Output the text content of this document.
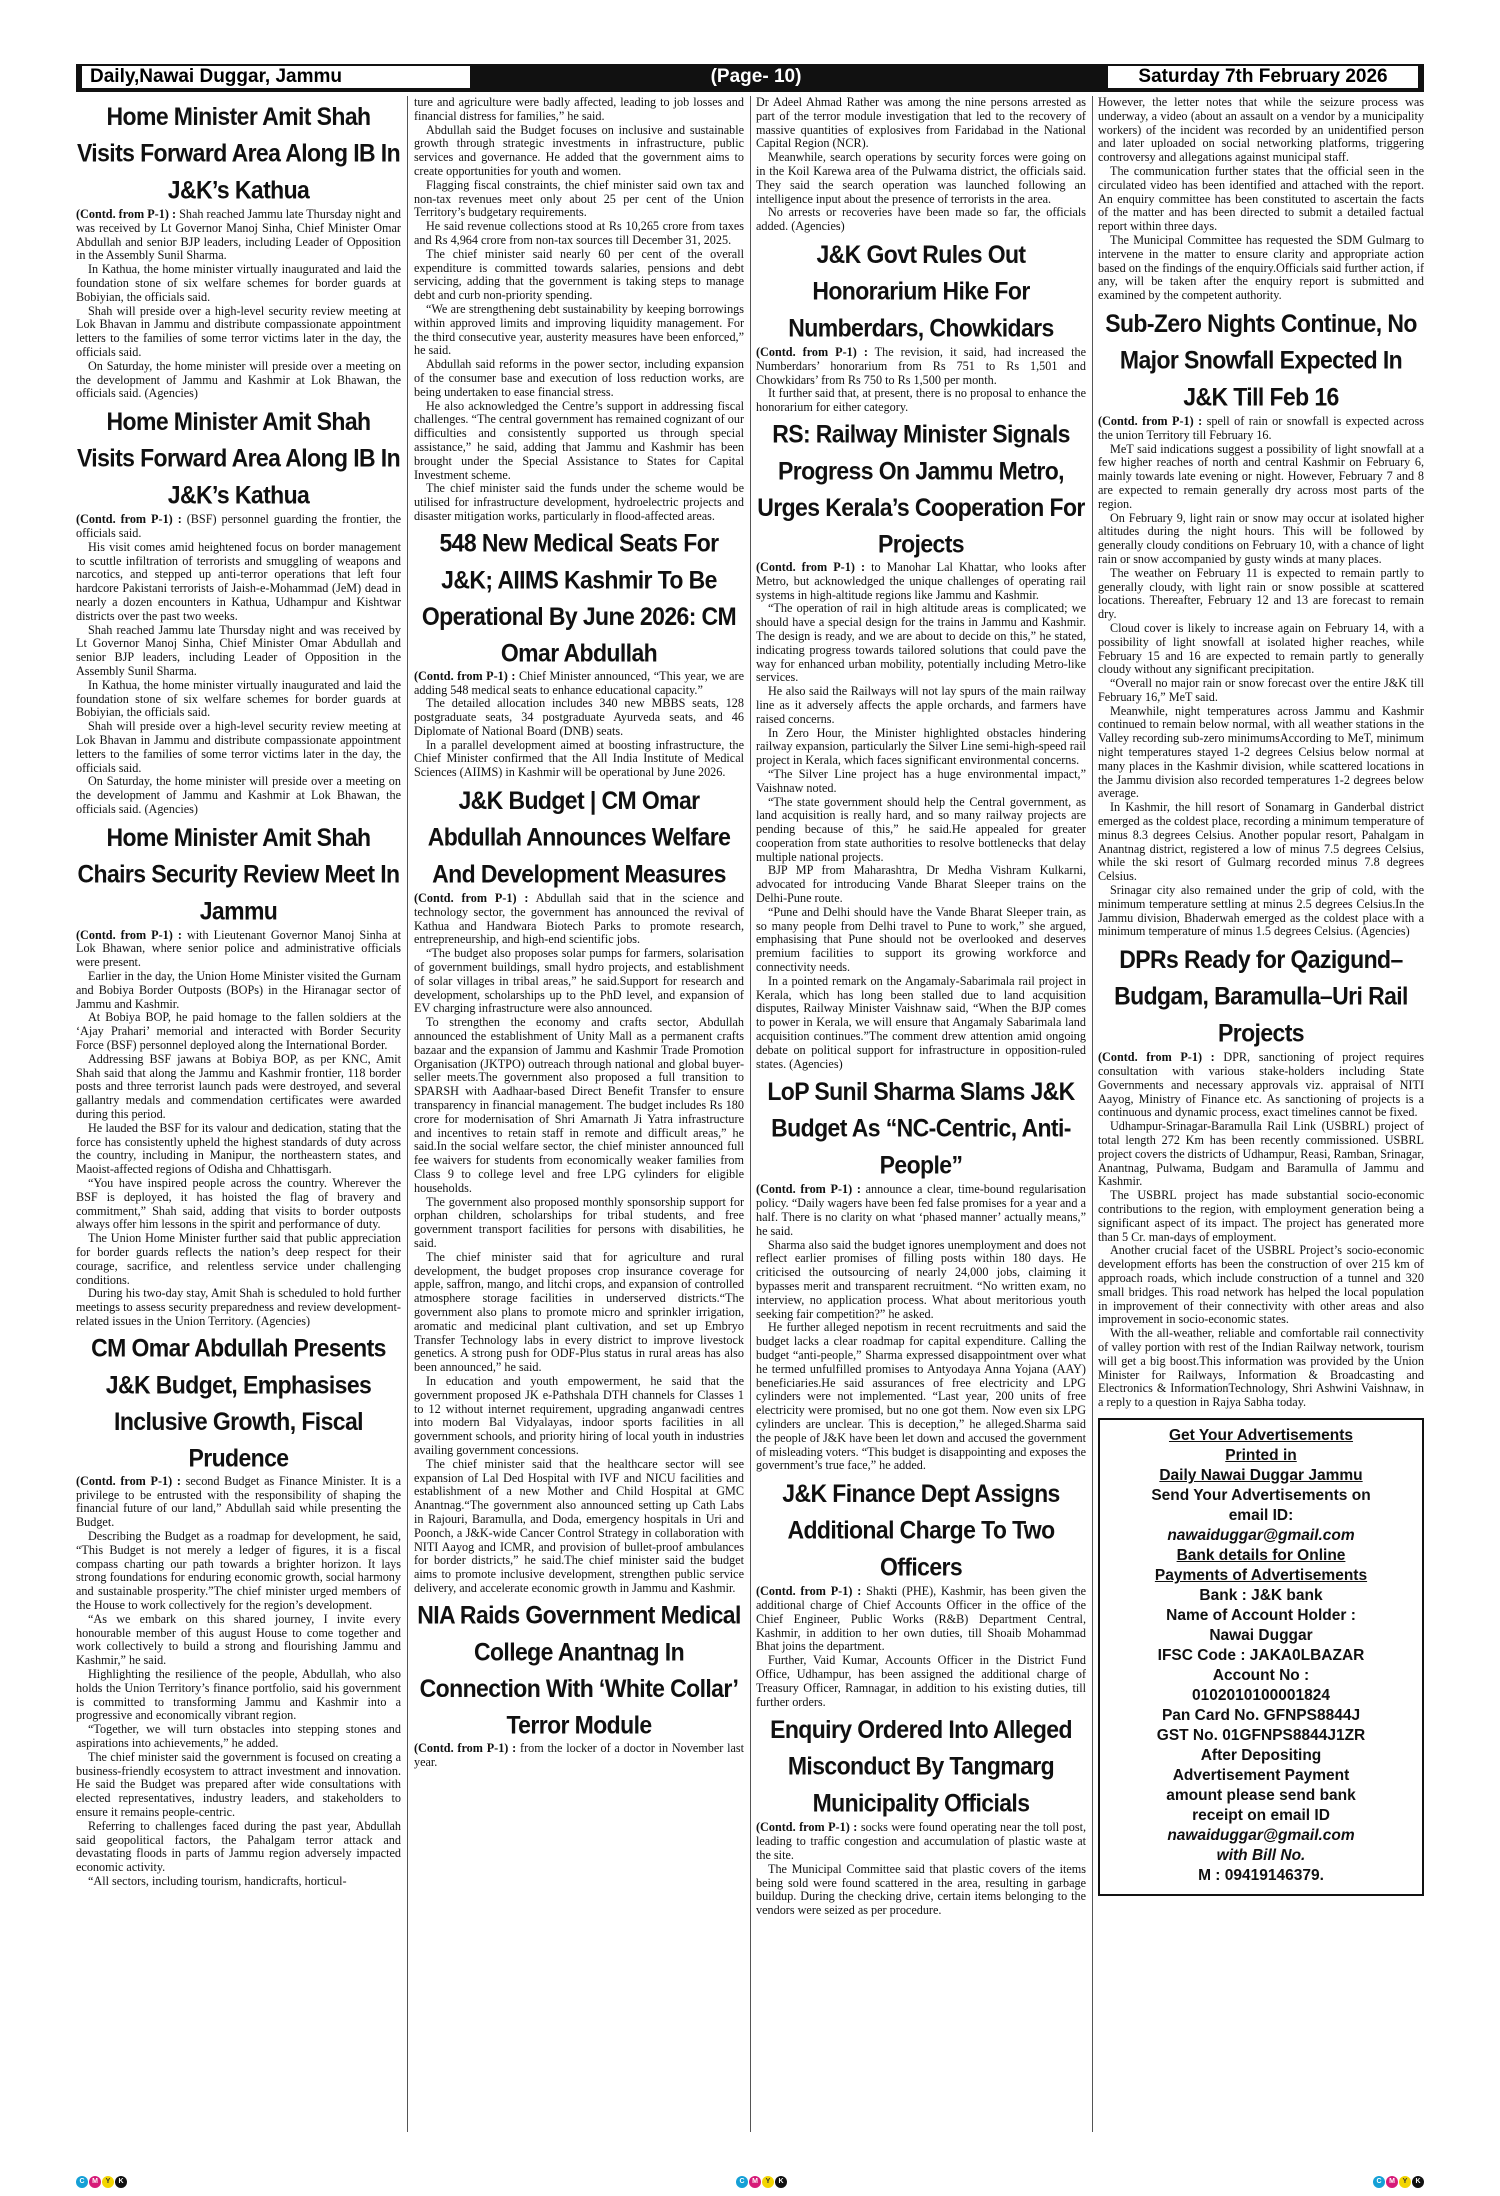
Daily,Nawai Duggar, Jammu	(Page- 10)	Saturday 7th February 2026
Home Minister Amit Shah Visits Forward Area Along IB In J&K’s Kathua

(Contd. from P-1) : Shah reached Jammu late Thursday night and was received by Lt Governor Manoj Sinha, Chief Minister Omar Abdullah and senior BJP leaders, including Leader of Opposition in the Assembly Sunil Sharma.

In Kathua, the home minister virtually inaugurated and laid the foundation stone of six welfare schemes for border guards at Bobiyian, the officials said.

Shah will preside over a high-level security review meeting at Lok Bhavan in Jammu and distribute compassionate appointment letters to the families of some terror victims later in the day, the officials said.

On Saturday, the home minister will preside over a meeting on the development of Jammu and Kashmir at Lok Bhawan, the officials said. (Agencies)

Home Minister Amit Shah Visits Forward Area Along IB In J&K’s Kathua

(Contd. from P-1) : (BSF) personnel guarding the frontier, the officials said.

His visit comes amid heightened focus on border management to scuttle infiltration of terrorists and smuggling of weapons and narcotics, and stepped up anti-terror operations that left four hardcore Pakistani terrorists of Jaish-e-Mohammad (JeM) dead in nearly a dozen encounters in Kathua, Udhampur and Kishtwar districts over the past two weeks.

Shah reached Jammu late Thursday night and was received by Lt Governor Manoj Sinha, Chief Minister Omar Abdullah and senior BJP leaders, including Leader of Opposition in the Assembly Sunil Sharma.

In Kathua, the home minister virtually inaugurated and laid the foundation stone of six welfare schemes for border guards at Bobiyian, the officials said.

Shah will preside over a high-level security review meeting at Lok Bhavan in Jammu and distribute compassionate appointment letters to the families of some terror victims later in the day, the officials said.

On Saturday, the home minister will preside over a meeting on the development of Jammu and Kashmir at Lok Bhawan, the officials said. (Agencies)

Home Minister Amit Shah Chairs Security Review Meet In Jammu

(Contd. from P-1) : with Lieutenant Governor Manoj Sinha at Lok Bhawan, where senior police and administrative officials were present.

Earlier in the day, the Union Home Minister visited the Gurnam and Bobiya Border Outposts (BOPs) in the Hiranagar sector of Jammu and Kashmir.

At Bobiya BOP, he paid homage to the fallen soldiers at the ‘Ajay Prahari’ memorial and interacted with Border Security Force (BSF) personnel deployed along the International Border.

Addressing BSF jawans at Bobiya BOP, as per KNC, Amit Shah said that along the Jammu and Kashmir frontier, 118 border posts and three terrorist launch pads were destroyed, and several gallantry medals and commendation certificates were awarded during this period.

He lauded the BSF for its valour and dedication, stating that the force has consistently upheld the highest standards of duty across the country, including in Manipur, the northeastern states, and Maoist-affected regions of Odisha and Chhattisgarh.

“You have inspired people across the country. Wherever the BSF is deployed, it has hoisted the flag of bravery and commitment,” Shah said, adding that visits to border outposts always offer him lessons in the spirit and performance of duty.

The Union Home Minister further said that public appreciation for border guards reflects the nation’s deep respect for their courage, sacrifice, and relentless service under challenging conditions.

During his two-day stay, Amit Shah is scheduled to hold further meetings to assess security preparedness and review development-related issues in the Union Territory. (Agencies)

CM Omar Abdullah Presents J&K Budget, Emphasises Inclusive Growth, Fiscal Prudence

(Contd. from P-1) : second Budget as Finance Minister. It is a privilege to be entrusted with the responsibility of shaping the financial future of our land,” Abdullah said while presenting the Budget.

Describing the Budget as a roadmap for development, he said, “This Budget is not merely a ledger of figures, it is a fiscal compass charting our path towards a brighter horizon. It lays strong foundations for enduring economic growth, social harmony and sustainable prosperity.”The chief minister urged members of the House to work collectively for the region’s development.

“As we embark on this shared journey, I invite every honourable member of this august House to come together and work collectively to build a strong and flourishing Jammu and Kashmir,” he said.

Highlighting the resilience of the people, Abdullah, who also holds the Union Territory’s finance portfolio, said his government is committed to transforming Jammu and Kashmir into a progressive and economically vibrant region.

“Together, we will turn obstacles into stepping stones and aspirations into achievements,” he added.

The chief minister said the government is focused on creating a business-friendly ecosystem to attract investment and innovation. He said the Budget was prepared after wide consultations with elected representatives, industry leaders, and stakeholders to ensure it remains people-centric.

Referring to challenges faced during the past year, Abdullah said geopolitical factors, the Pahalgam terror attack and devastating floods in parts of Jammu region adversely impacted economic activity.

“All sectors, including tourism, handicrafts, horticul-

ture and agriculture were badly affected, leading to job losses and financial distress for families,” he said.

Abdullah said the Budget focuses on inclusive and sustainable growth through strategic investments in infrastructure, public services and governance. He added that the government aims to create opportunities for youth and women.

Flagging fiscal constraints, the chief minister said own tax and non-tax revenues meet only about 25 per cent of the Union Territory’s budgetary requirements.

He said revenue collections stood at Rs 10,265 crore from taxes and Rs 4,964 crore from non-tax sources till December 31, 2025.

The chief minister said nearly 60 per cent of the overall expenditure is committed towards salaries, pensions and debt servicing, adding that the government is taking steps to manage debt and curb non-priority spending.

“We are strengthening debt sustainability by keeping borrowings within approved limits and improving liquidity management. For the third consecutive year, austerity measures have been enforced,” he said.

Abdullah said reforms in the power sector, including expansion of the consumer base and execution of loss reduction works, are being undertaken to ease financial stress.

He also acknowledged the Centre’s support in addressing fiscal challenges. “The central government has remained cognizant of our difficulties and consistently supported us through special assistance,” he said, adding that Jammu and Kashmir has been brought under the Special Assistance to States for Capital Investment scheme.

The chief minister said the funds under the scheme would be utilised for infrastructure development, hydroelectric projects and disaster mitigation works, particularly in flood-affected areas.

548 New Medical Seats For J&K; AIIMS Kashmir To Be Operational By June 2026: CM Omar Abdullah

(Contd. from P-1) : Chief Minister announced, “This year, we are adding 548 medical seats to enhance educational capacity.”

The detailed allocation includes 340 new MBBS seats, 128 postgraduate seats, 34 postgraduate Ayurveda seats, and 46 Diplomate of National Board (DNB) seats.

In a parallel development aimed at boosting infrastructure, the Chief Minister confirmed that the All India Institute of Medical Sciences (AIIMS) in Kashmir will be operational by June 2026.

J&K Budget | CM Omar Abdullah Announces Welfare And Development Measures

(Contd. from P-1) : Abdullah said that in the science and technology sector, the government has announced the revival of Kathua and Handwara Biotech Parks to promote research, entrepreneurship, and high-end scientific jobs.

“The budget also proposes solar pumps for farmers, solarisation of government buildings, small hydro projects, and establishment of solar villages in tribal areas,” he said.Support for research and development, scholarships up to the PhD level, and expansion of EV charging infrastructure were also announced.

To strengthen the economy and crafts sector, Abdullah announced the establishment of Unity Mall as a permanent crafts bazaar and the expansion of Jammu and Kashmir Trade Promotion Organisation (JKTPO) outreach through national and global buyer-seller meets.The government also proposed a full transition to SPARSH with Aadhaar-based Direct Benefit Transfer to ensure transparency in financial management. The budget includes Rs 180 crore for modernisation of Shri Amarnath Ji Yatra infrastructure and incentives to retain staff in remote and difficult areas,” he said.In the social welfare sector, the chief minister announced full fee waivers for students from economically weaker families from Class 9 to college level and free LPG cylinders for eligible households.

The government also proposed monthly sponsorship support for orphan children, scholarships for tribal students, and free government transport facilities for persons with disabilities, he said.

The chief minister said that for agriculture and rural development, the budget proposes crop insurance coverage for apple, saffron, mango, and litchi crops, and expansion of controlled atmosphere storage facilities in underserved districts.“The government also plans to promote micro and sprinkler irrigation, aromatic and medicinal plant cultivation, and set up Embryo Transfer Technology labs in every district to improve livestock genetics. A strong push for ODF-Plus status in rural areas has also been announced,” he said.

In education and youth empowerment, he said that the government proposed JK e-Pathshala DTH channels for Classes 1 to 12 without internet requirement, upgrading anganwadi centres into modern Bal Vidyalayas, indoor sports facilities in all government schools, and priority hiring of local youth in industries availing government concessions.

The chief minister said that the healthcare sector will see expansion of Lal Ded Hospital with IVF and NICU facilities and establishment of a new Mother and Child Hospital at GMC Anantnag.“The government also announced setting up Cath Labs in Rajouri, Baramulla, and Doda, emergency hospitals in Uri and Poonch, a J&K-wide Cancer Control Strategy in collaboration with NITI Aayog and ICMR, and provision of bullet-proof ambulances for border districts,” he said.The chief minister said the budget aims to promote inclusive development, strengthen public service delivery, and accelerate economic growth in Jammu and Kashmir.

NIA Raids Government Medical College Anantnag In Connection With ‘White Collar’ Terror Module

(Contd. from P-1) : from the locker of a doctor in November last year.

Dr Adeel Ahmad Rather was among the nine persons arrested as part of the terror module investigation that led to the recovery of massive quantities of explosives from Faridabad in the National Capital Region (NCR).

Meanwhile, search operations by security forces were going on in the Koil Karewa area of the Pulwama district, the officials said. They said the search operation was launched following an intelligence input about the presence of terrorists in the area.

No arrests or recoveries have been made so far, the officials added. (Agencies)

J&K Govt Rules Out Honorarium Hike For Numberdars, Chowkidars

(Contd. from P-1) : The revision, it said, had increased the Numberdars’ honorarium from Rs 751 to Rs 1,501 and Chowkidars’ from Rs 750 to Rs 1,500 per month.

It further said that, at present, there is no proposal to enhance the honorarium for either category.

RS: Railway Minister Signals Progress On Jammu Metro, Urges Kerala’s Cooperation For Projects

(Contd. from P-1) : to Manohar Lal Khattar, who looks after Metro, but acknowledged the unique challenges of operating rail systems in high-altitude regions like Jammu and Kashmir.

“The operation of rail in high altitude areas is complicated; we should have a special design for the trains in Jammu and Kashmir. The design is ready, and we are about to decide on this,” he stated, indicating progress towards tailored solutions that could pave the way for enhanced urban mobility, potentially including Metro-like services.

He also said the Railways will not lay spurs of the main railway line as it adversely affects the apple orchards, and farmers have raised concerns.

In Zero Hour, the Minister highlighted obstacles hindering railway expansion, particularly the Silver Line semi-high-speed rail project in Kerala, which faces significant environmental concerns.

“The Silver Line project has a huge environmental impact,” Vaishnaw noted.

“The state government should help the Central government, as land acquisition is really hard, and so many railway projects are pending because of this,” he said.He appealed for greater cooperation from state authorities to resolve bottlenecks that delay multiple national projects.

BJP MP from Maharashtra, Dr Medha Vishram Kulkarni, advocated for introducing Vande Bharat Sleeper trains on the Delhi-Pune route.

“Pune and Delhi should have the Vande Bharat Sleeper train, as so many people from Delhi travel to Pune to work,” she argued, emphasising that Pune should not be overlooked and deserves premium facilities to support its growing workforce and connectivity needs.

In a pointed remark on the Angamaly-Sabarimala rail project in Kerala, which has long been stalled due to land acquisition disputes, Railway Minister Vaishnaw said, “When the BJP comes to power in Kerala, we will ensure that Angamaly Sabarimala land acquisition continues.”The comment drew attention amid ongoing debate on political support for infrastructure in opposition-ruled states. (Agencies)

LoP Sunil Sharma Slams J&K Budget As “NC-Centric, Anti-People”

(Contd. from P-1) : announce a clear, time-bound regularisation policy. “Daily wagers have been fed false promises for a year and a half. There is no clarity on what ‘phased manner’ actually means,” he said.

Sharma also said the budget ignores unemployment and does not reflect earlier promises of filling posts within 180 days. He criticised the outsourcing of nearly 24,000 jobs, claiming it bypasses merit and transparent recruitment. “No written exam, no interview, no application process. What about meritorious youth seeking fair competition?” he asked.

He further alleged nepotism in recent recruitments and said the budget lacks a clear roadmap for capital expenditure. Calling the budget “anti-people,” Sharma expressed disappointment over what he termed unfulfilled promises to Antyodaya Anna Yojana (AAY) beneficiaries.He said assurances of free electricity and LPG cylinders were not implemented. “Last year, 200 units of free electricity were promised, but no one got them. Now even six LPG cylinders are unclear. This is deception,” he alleged.Sharma said the people of J&K have been let down and accused the government of misleading voters. “This budget is disappointing and exposes the government’s true face,” he added.

J&K Finance Dept Assigns Additional Charge To Two Officers

(Contd. from P-1) : Shakti (PHE), Kashmir, has been given the additional charge of Chief Accounts Officer in the office of the Chief Engineer, Public Works (R&B) Department Central, Kashmir, in addition to her own duties, till Shoaib Mohammad Bhat joins the department.

Further, Vaid Kumar, Accounts Officer in the District Fund Office, Udhampur, has been assigned the additional charge of Treasury Officer, Ramnagar, in addition to his existing duties, till further orders.

Enquiry Ordered Into Alleged Misconduct By Tangmarg Municipality Officials

(Contd. from P-1) : socks were found operating near the toll post, leading to traffic congestion and accumulation of plastic waste at the site.

The Municipal Committee said that plastic covers of the items being sold were found scattered in the area, resulting in garbage buildup. During the checking drive, certain items belonging to the vendors were seized as per procedure.

However, the letter notes that while the seizure process was underway, a video (about an assault on a vendor by a municipality workers) of the incident was recorded by an unidentified person and later uploaded on social networking platforms, triggering controversy and allegations against municipal staff.

The communication further states that the official seen in the circulated video has been identified and attached with the report. An enquiry committee has been constituted to ascertain the facts of the matter and has been directed to submit a detailed factual report within three days.

The Municipal Committee has requested the SDM Gulmarg to intervene in the matter to ensure clarity and appropriate action based on the findings of the enquiry.Officials said further action, if any, will be taken after the enquiry report is submitted and examined by the competent authority.

Sub-Zero Nights Continue, No Major Snowfall Expected In J&K Till Feb 16

(Contd. from P-1) : spell of rain or snowfall is expected across the union Territory till February 16.

MeT said indications suggest a possibility of light snowfall at a few higher reaches of north and central Kashmir on February 6, mainly towards late evening or night. However, February 7 and 8 are expected to remain generally dry across most parts of the region.

On February 9, light rain or snow may occur at isolated higher altitudes during the night hours. This will be followed by generally cloudy conditions on February 10, with a chance of light rain or snow accompanied by gusty winds at many places.

The weather on February 11 is expected to remain partly to generally cloudy, with light rain or snow possible at scattered locations. Thereafter, February 12 and 13 are forecast to remain dry.

Cloud cover is likely to increase again on February 14, with a possibility of light snowfall at isolated higher reaches, while February 15 and 16 are expected to remain partly to generally cloudy without any significant precipitation.

“Overall no major rain or snow forecast over the entire J&K till February 16,” MeT said.

Meanwhile, night temperatures across Jammu and Kashmir continued to remain below normal, with all weather stations in the Valley recording sub-zero minimumsAccording to MeT, minimum night temperatures stayed 1-2 degrees Celsius below normal at many places in the Kashmir division, while scattered locations in the Jammu division also recorded temperatures 1-2 degrees below average.

In Kashmir, the hill resort of Sonamarg in Ganderbal district emerged as the coldest place, recording a minimum temperature of minus 8.3 degrees Celsius. Another popular resort, Pahalgam in Anantnag district, registered a low of minus 7.5 degrees Celsius, while the ski resort of Gulmarg recorded minus 7.8 degrees Celsius.

Srinagar city also remained under the grip of cold, with the minimum temperature settling at minus 2.5 degrees Celsius.In the Jammu division, Bhaderwah emerged as the coldest place with a minimum temperature of minus 1.5 degrees Celsius. (Agencies)

DPRs Ready for Qazigund– Budgam, Baramulla–Uri Rail Projects

(Contd. from P-1) : DPR, sanctioning of project requires consultation with various stake-holders including State Governments and necessary approvals viz. appraisal of NITI Aayog, Ministry of Finance etc. As sanctioning of projects is a continuous and dynamic process, exact timelines cannot be fixed.

Udhampur-Srinagar-Baramulla Rail Link (USBRL) project of total length 272 Km has been recently commissioned. USBRL project covers the districts of Udhampur, Reasi, Ramban, Srinagar, Anantnag, Pulwama, Budgam and Baramulla of Jammu and Kashmir.

The USBRL project has made substantial socio-economic contributions to the region, with employment generation being a significant aspect of its impact. The project has generated more than 5 Cr. man-days of employment.

Another crucial facet of the USBRL Project’s socio-economic development efforts has been the construction of over 215 km of approach roads, which include construction of a tunnel and 320 small bridges. This road network has helped the local population in improvement of their connectivity with other areas and also improvement in socio-economic states.

With the all-weather, reliable and comfortable rail connectivity of valley portion with rest of the Indian Railway network, tourism will get a big boost.This information was provided by the Union Minister for Railways, Information & Broadcasting and Electronics & InformationTechnology, Shri Ashwini Vaishnaw, in a reply to a question in Rajya Sabha today.

Get Your Advertisements
Printed in
Daily Nawai Duggar Jammu
Send Your Advertisements on
email ID:
nawaiduggar@gmail.com
Bank details for Online
Payments of Advertisements
Bank : J&K bank
Name of Account Holder :
Nawai Duggar
IFSC Code : JAKA0LBAZAR
Account No :
0102010100001824
Pan Card No. GFNPS8844J
GST No. 01GFNPS8844J1ZR
After Depositing
Advertisement Payment
amount please send bank
receipt on email ID
nawaiduggar@gmail.com
with Bill No.
M : 09419146379.
C	M	Y	K	C	M	Y	K	C	M	Y	K
